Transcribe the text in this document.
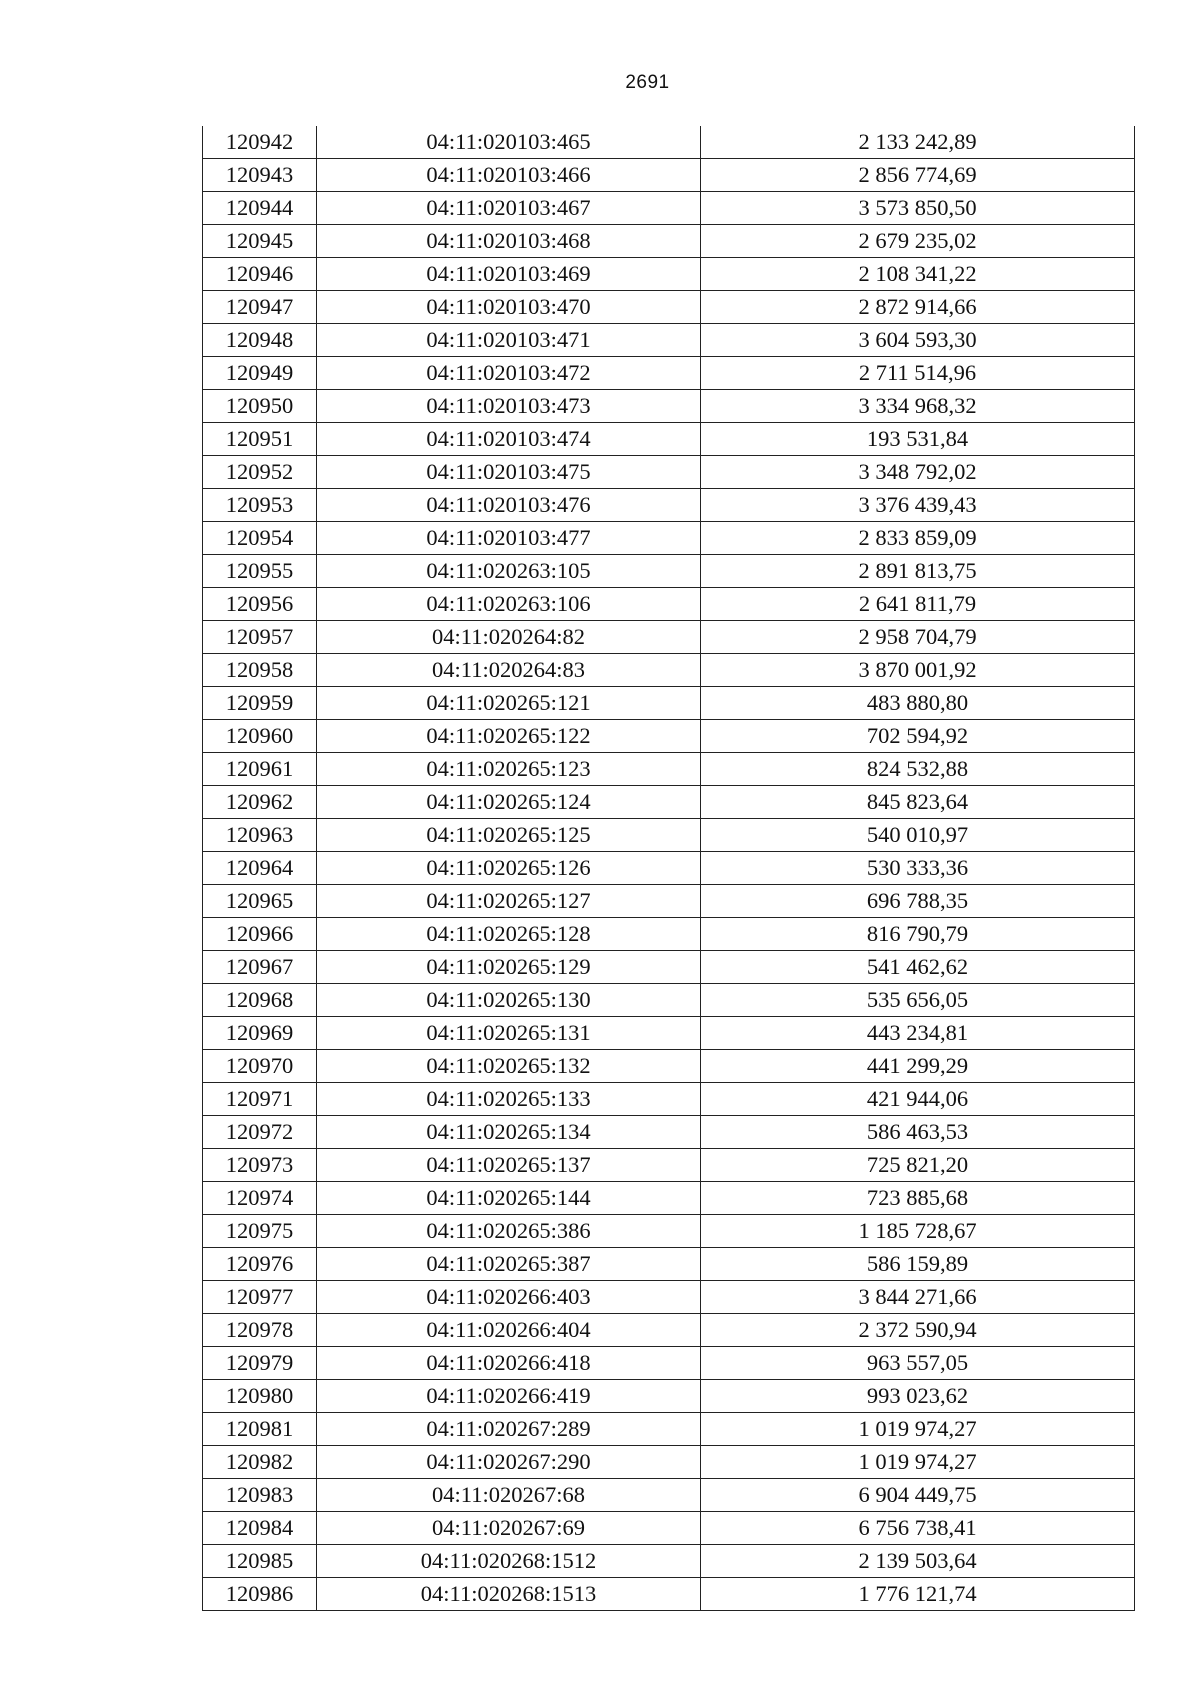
2691
120942	04:11:020103:465	2 133 242,89
120943	04:11:020103:466	2 856 774,69
120944	04:11:020103:467	3 573 850,50
120945	04:11:020103:468	2 679 235,02
120946	04:11:020103:469	2 108 341,22
120947	04:11:020103:470	2 872 914,66
120948	04:11:020103:471	3 604 593,30
120949	04:11:020103:472	2 711 514,96
120950	04:11:020103:473	3 334 968,32
120951	04:11:020103:474	193 531,84
120952	04:11:020103:475	3 348 792,02
120953	04:11:020103:476	3 376 439,43
120954	04:11:020103:477	2 833 859,09
120955	04:11:020263:105	2 891 813,75
120956	04:11:020263:106	2 641 811,79
120957	04:11:020264:82	2 958 704,79
120958	04:11:020264:83	3 870 001,92
120959	04:11:020265:121	483 880,80
120960	04:11:020265:122	702 594,92
120961	04:11:020265:123	824 532,88
120962	04:11:020265:124	845 823,64
120963	04:11:020265:125	540 010,97
120964	04:11:020265:126	530 333,36
120965	04:11:020265:127	696 788,35
120966	04:11:020265:128	816 790,79
120967	04:11:020265:129	541 462,62
120968	04:11:020265:130	535 656,05
120969	04:11:020265:131	443 234,81
120970	04:11:020265:132	441 299,29
120971	04:11:020265:133	421 944,06
120972	04:11:020265:134	586 463,53
120973	04:11:020265:137	725 821,20
120974	04:11:020265:144	723 885,68
120975	04:11:020265:386	1 185 728,67
120976	04:11:020265:387	586 159,89
120977	04:11:020266:403	3 844 271,66
120978	04:11:020266:404	2 372 590,94
120979	04:11:020266:418	963 557,05
120980	04:11:020266:419	993 023,62
120981	04:11:020267:289	1 019 974,27
120982	04:11:020267:290	1 019 974,27
120983	04:11:020267:68	6 904 449,75
120984	04:11:020267:69	6 756 738,41
120985	04:11:020268:1512	2 139 503,64
120986	04:11:020268:1513	1 776 121,74
